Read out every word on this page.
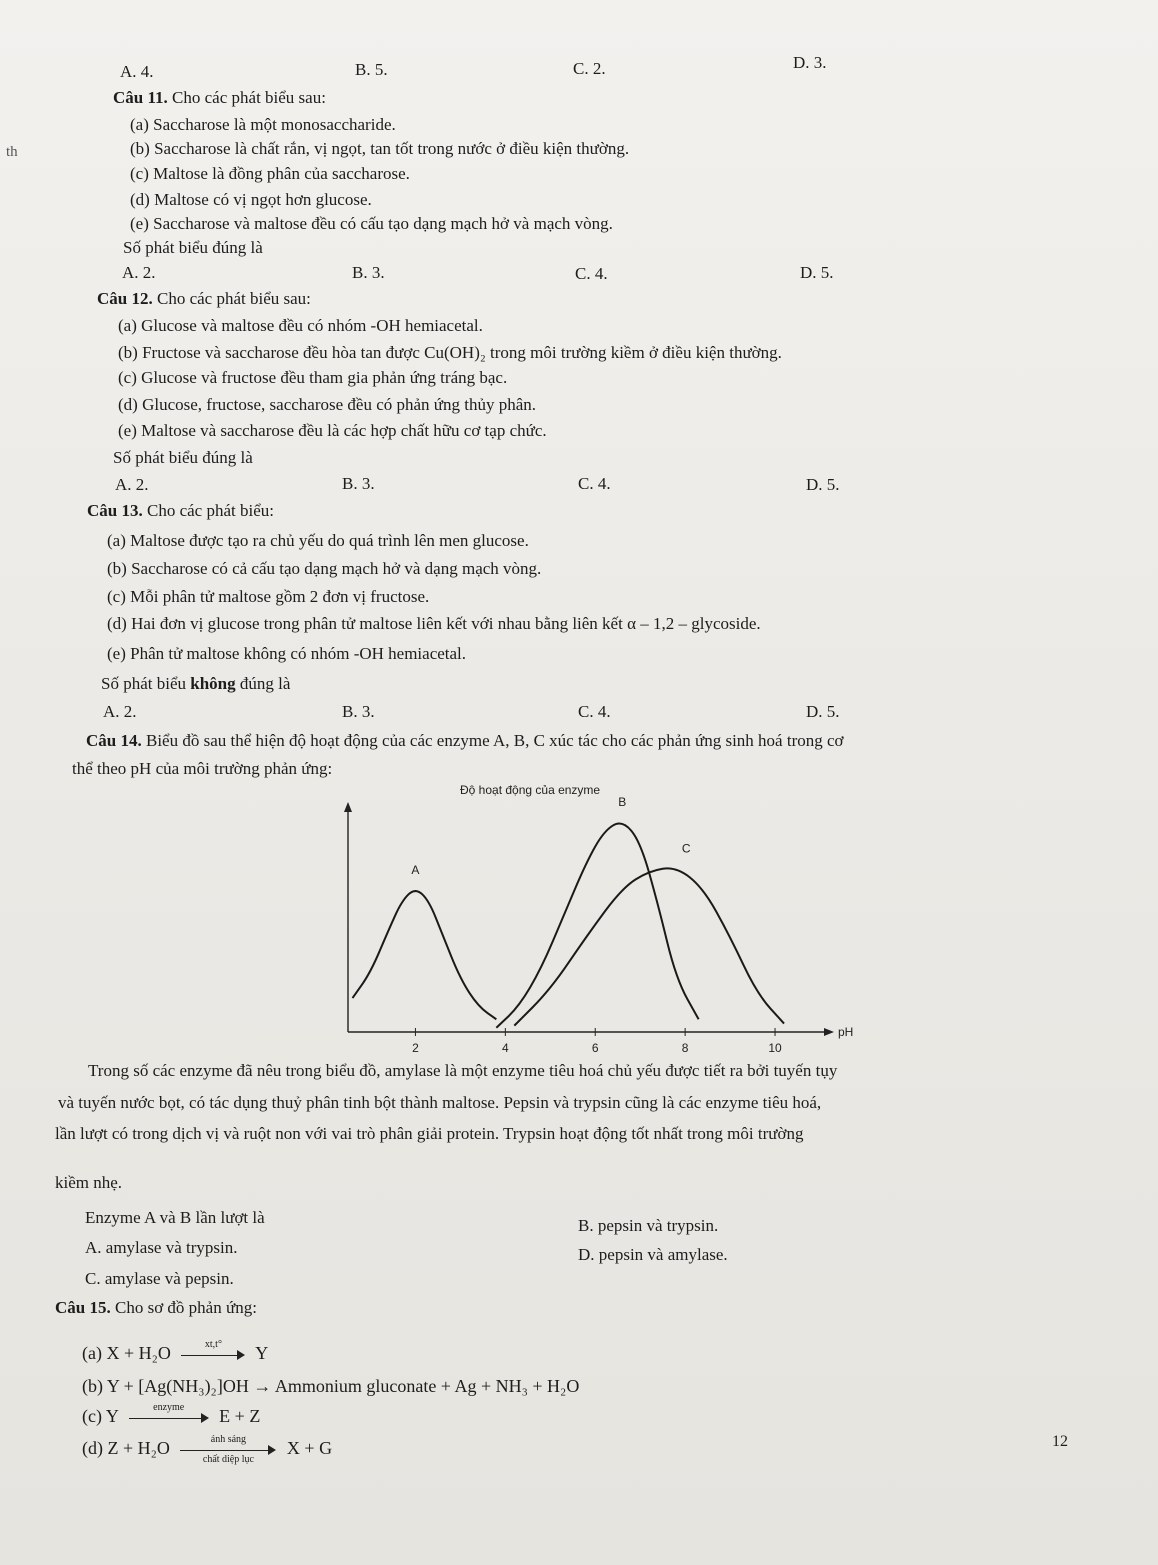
A. 4.	B. 5.	C. 2.	D. 3.
Câu 11. Cho các phát biểu sau:
th
(a) Saccharose là một monosaccharide.
(b) Saccharose là chất rắn, vị ngọt, tan tốt trong nước ở điều kiện thường.
(c) Maltose là đồng phân của saccharose.
(d) Maltose có vị ngọt hơn glucose.
(e) Saccharose và maltose đều có cấu tạo dạng mạch hở và mạch vòng.
Số phát biểu đúng là
A. 2.	B. 3.	C. 4.	D. 5.
Câu 12. Cho các phát biểu sau:
(a) Glucose và maltose đều có nhóm -OH hemiacetal.
(b) Fructose và saccharose đều hòa tan được Cu(OH)₂ trong môi trường kiềm ở điều kiện thường.
(c) Glucose và fructose đều tham gia phản ứng tráng bạc.
(d) Glucose, fructose, saccharose đều có phản ứng thủy phân.
(e) Maltose và saccharose đều là các hợp chất hữu cơ tạp chức.
Số phát biểu đúng là
A. 2.	B. 3.	C. 4.	D. 5.
Câu 13. Cho các phát biểu:
(a) Maltose được tạo ra chủ yếu do quá trình lên men glucose.
(b) Saccharose có cả cấu tạo dạng mạch hở và dạng mạch vòng.
(c) Mỗi phân tử maltose gồm 2 đơn vị fructose.
(d) Hai đơn vị glucose trong phân tử maltose liên kết với nhau bằng liên kết α – 1,2 – glycoside.
(e) Phân tử maltose không có nhóm -OH hemiacetal.
Số phát biểu không đúng là
A. 2.	B. 3.	C. 4.	D. 5.
Câu 14. Biểu đồ sau thể hiện độ hoạt động của các enzyme A, B, C xúc tác cho các phản ứng sinh hoá trong cơ
thể theo pH của môi trường phản ứng:
Độ hoạt động của enzyme
pH
2	4	6	8	10
A
B
C
Trong số các enzyme đã nêu trong biểu đồ, amylase là một enzyme tiêu hoá chủ yếu được tiết ra bởi tuyến tụy
và tuyến nước bọt, có tác dụng thuỷ phân tinh bột thành maltose. Pepsin và trypsin cũng là các enzyme tiêu hoá,
lần lượt có trong dịch vị và ruột non với vai trò phân giải protein. Trypsin hoạt động tốt nhất trong môi trường
kiềm nhẹ.
Enzyme A và B lần lượt là	B. pepsin và trypsin.
A. amylase và trypsin.	D. pepsin và amylase.
C. amylase và pepsin.
Câu 15. Cho sơ đồ phản ứng:
(a) X + H₂O	xt,t°	Y
(b) Y + [Ag(NH₃)₂]OH → Ammonium gluconate + Ag + NH₃ + H₂O
(c) Y	enzyme	E + Z
(d) Z + H₂O	ánh sáng
chất diệp lục
X + G	12
